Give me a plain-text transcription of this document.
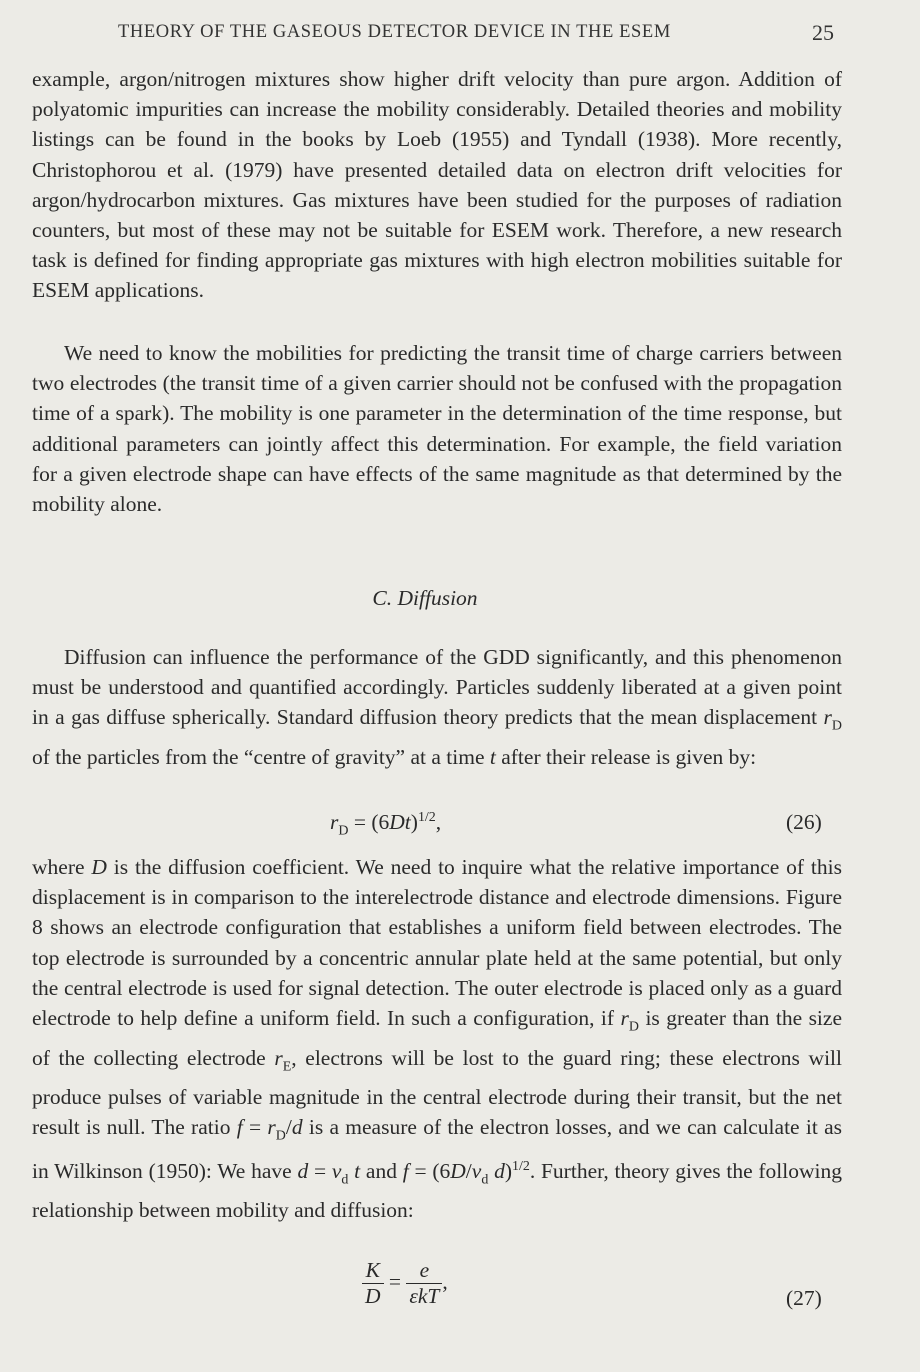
THEORY OF THE GASEOUS DETECTOR DEVICE IN THE ESEM	25

example, argon/nitrogen mixtures show higher drift velocity than pure argon. Addition of polyatomic impurities can increase the mobility considerably. Detailed theories and mobility listings can be found in the books by Loeb (1955) and Tyndall (1938). More recently, Christophorou et al. (1979) have presented detailed data on electron drift velocities for argon/hydrocarbon mixtures. Gas mixtures have been studied for the purposes of radiation counters, but most of these may not be suitable for ESEM work. Therefore, a new research task is defined for finding appropriate gas mixtures with high electron mobilities suitable for ESEM applications.

We need to know the mobilities for predicting the transit time of charge carriers between two electrodes (the transit time of a given carrier should not be confused with the propagation time of a spark). The mobility is one parameter in the determination of the time response, but additional parameters can jointly affect this determination. For example, the field variation for a given electrode shape can have effects of the same magnitude as that determined by the mobility alone.

C. Diffusion

Diffusion can influence the performance of the GDD significantly, and this phenomenon must be understood and quantified accordingly. Particles suddenly liberated at a given point in a gas diffuse spherically. Standard diffusion theory predicts that the mean displacement $r_D$ of the particles from the “centre of gravity” at a time t after their release is given by:

$r_D = (6Dt)^{1/2}$,	(26)

where D is the diffusion coefficient. We need to inquire what the relative importance of this displacement is in comparison to the interelectrode distance and electrode dimensions. Figure 8 shows an electrode configuration that establishes a uniform field between electrodes. The top electrode is surrounded by a concentric annular plate held at the same potential, but only the central electrode is used for signal detection. The outer electrode is placed only as a guard electrode to help define a uniform field. In such a configuration, if $r_D$ is greater than the size of the collecting electrode $r_E$, electrons will be lost to the guard ring; these electrons will produce pulses of variable magnitude in the central electrode during their transit, but the net result is null. The ratio $f = r_D/d$ is a measure of the electron losses, and we can calculate it as in Wilkinson (1950): We have $d = v_d$ t and $f = (6D/v_d$ d)$^{1/2}$. Further, theory gives the following relationship between mobility and diffusion:

$\frac{K}{D} = \frac{e}{\text{εkT}}$ ,
(27)
